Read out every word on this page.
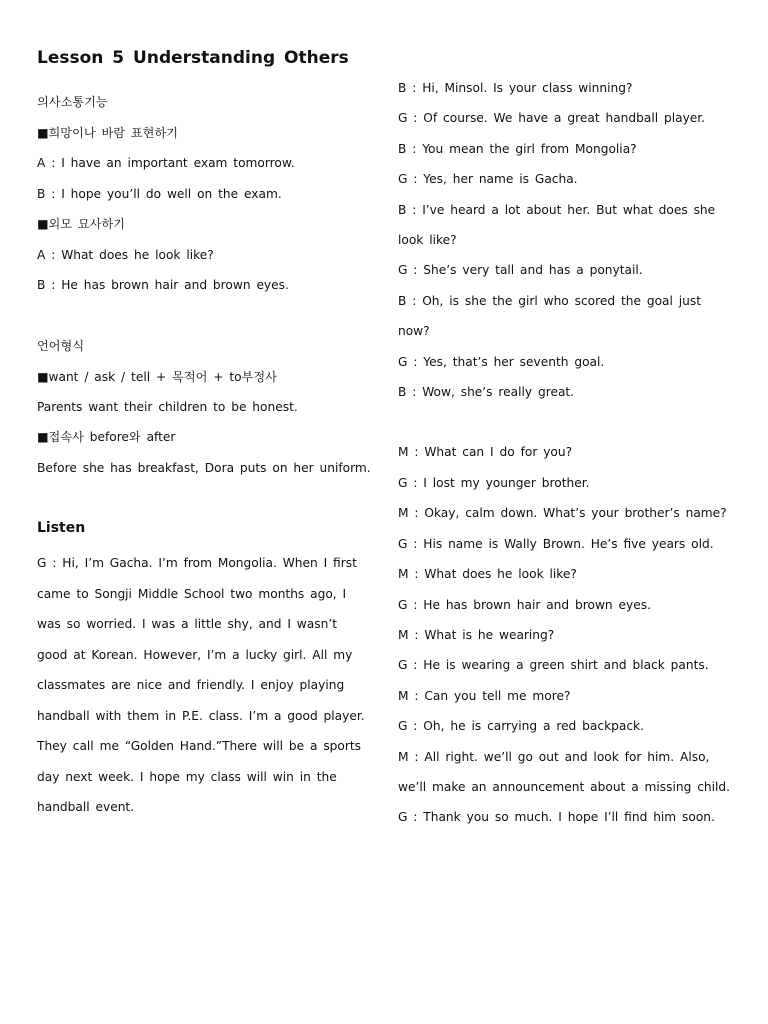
Lesson 5 Understanding Others
의사소통기능
■희망이나 바람 표현하기
A : I have an important exam tomorrow.
B : I hope you’ll do well on the exam.
■외모 묘사하기
A : What does he look like?
B : He has brown hair and brown eyes.
언어형식
■want / ask / tell + 목적어 + to부정사
Parents want their children to be honest.
■접속사 before와 after
Before she has breakfast, Dora puts on her uniform.
Listen
G : Hi, I’m Gacha. I’m from Mongolia. When I first came to Songji Middle School two months ago, I was so worried. I was a little shy, and I wasn’t good at Korean. However, I’m a lucky girl. All my classmates are nice and friendly. I enjoy playing handball with them in P.E. class. I’m a good player. They call me “Golden Hand.”There will be a sports day next week. I hope my class will win in the handball event.
B : Hi, Minsol. Is your class winning?
G : Of course. We have a great handball player.
B : You mean the girl from Mongolia?
G : Yes, her name is Gacha.
B : I’ve heard a lot about her. But what does she
look like?
G : She’s very tall and has a ponytail.
B : Oh, is she the girl who scored the goal just
now?
G : Yes, that’s her seventh goal.
B : Wow, she’s really great.
M : What can I do for you?
G : I lost my younger brother.
M : Okay, calm down. What’s your brother’s name?
G : His name is Wally Brown. He’s five years old.
M : What does he look like?
G : He has brown hair and brown eyes.
M : What is he wearing?
G : He is wearing a green shirt and black pants.
M : Can you tell me more?
G : Oh, he is carrying a red backpack.
M : All right. we’ll go out and look for him. Also,
we’ll make an announcement about a missing child.
G : Thank you so much. I hope I’ll find him soon.
